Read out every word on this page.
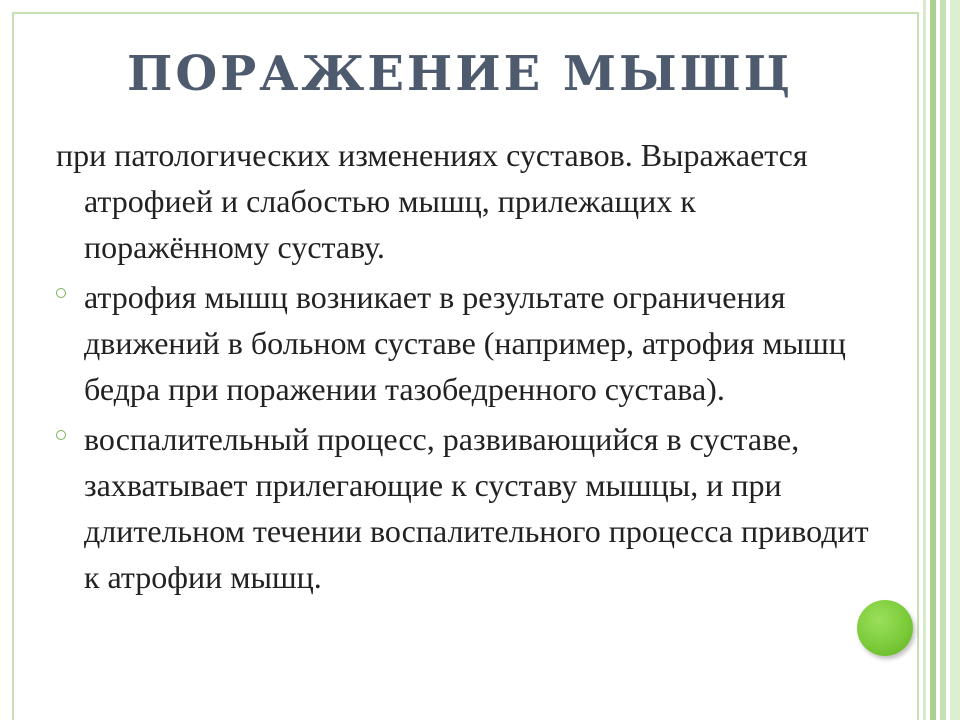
ПОРАЖЕНИЕ МЫШЦ

при патологических изменениях суставов. Выражается атрофией и слабостью мышц, прилежащих к поражённому суставу.

атрофия мышц возникает в результате ограничения движений в больном суставе (например, атрофия мышц бедра при поражении тазобедренного сустава).
воспалительный процесс, развивающийся в суставе, захватывает прилегающие к суставу мышцы, и при длительном течении воспалительного процесса приводит к атрофии мышц.
